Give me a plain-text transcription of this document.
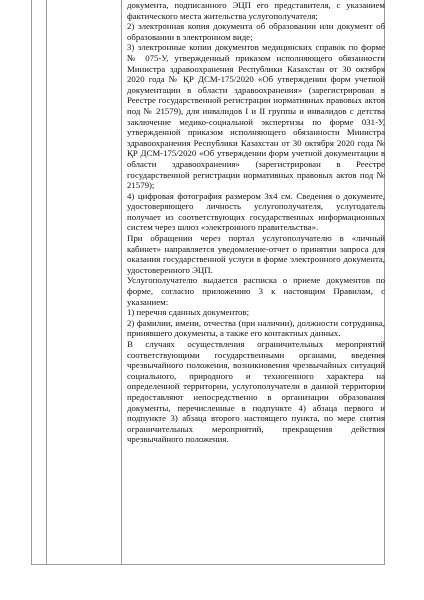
документа, подписанного ЭЦП его представителя, с указанием фактического места жительства услугополучателя;

2) электронная копия документа об образовании или документ об образовании в электронном виде;

3) электронные копии документов медицинских справок по форме № 075-У, утвержденный приказом исполняющего обязанности Министра здравоохранения Республики Казахстан от 30 октября 2020 года № ҚР ДСМ-175/2020 «Об утверждении форм учетной документации в области здравоохранения» (зарегистрирован в Реестре государственной регистрации нормативных правовых актов под № 21579), для инвалидов I и II группы и инвалидов с детства заключение медико-социальной экспертизы по форме 031-У, утвержденной приказом исполняющего обязанности Министра здравоохранения Республики Казахстан от 30 октября 2020 года № ҚР ДСМ-175/2020 «Об утверждении форм учетной документации в области здравоохранения» (зарегистрирован в Реестре государственной регистрации нормативных правовых актов под № 21579);

4) цифровая фотография размером 3х4 см. Сведения о документе, удостоверяющего личность услугополучателя, услугодатель получает из соответствующих государственных информационных систем через шлюз «электронного правительства».

При обращении через портал услугополучателю в «личный кабинет» направляется уведомление-отчет о принятии запроса для оказания государственной услуги в форме электронного документа, удостоверенного ЭЦП.

Услугополучателю выдается расписка о приеме документов по форме, согласно приложению 3 к настоящим Правилам, с указанием:

1) перечня сданных документов;

2) фамилии, имени, отчества (при наличии), должности сотрудника, принявшего документы, а также его контактных данных.

В случаях осуществления ограничительных мероприятий соответствующими государственными органами, введения чрезвычайного положения, возникновения чрезвычайных ситуаций социального, природного и техногенного характера на определенной территории, услугополучатели в данной территории предоставляют непосредственно в организации образования документы, перечисленные в подпункте 4) абзаца первого и подпункте 3) абзаца второго настоящего пункта, по мере снятия ограничительных мероприятий, прекращения действия чрезвычайного положения.
